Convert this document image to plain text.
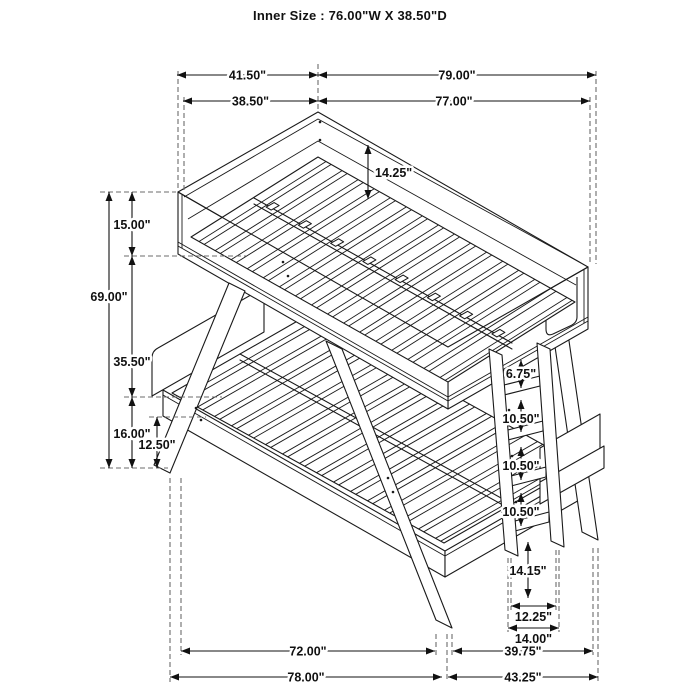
41.50"	79.00"
38.50"	77.00"
72.00"	39.75"
78.00"	43.25"
12.25"
14.00"
14.25"
69.00"
15.00"
35.50"
16.00"
12.50"
6.75"
10.50"
10.50"
10.50"
14.15"
Inner Size : 76.00"W X 38.50"D
